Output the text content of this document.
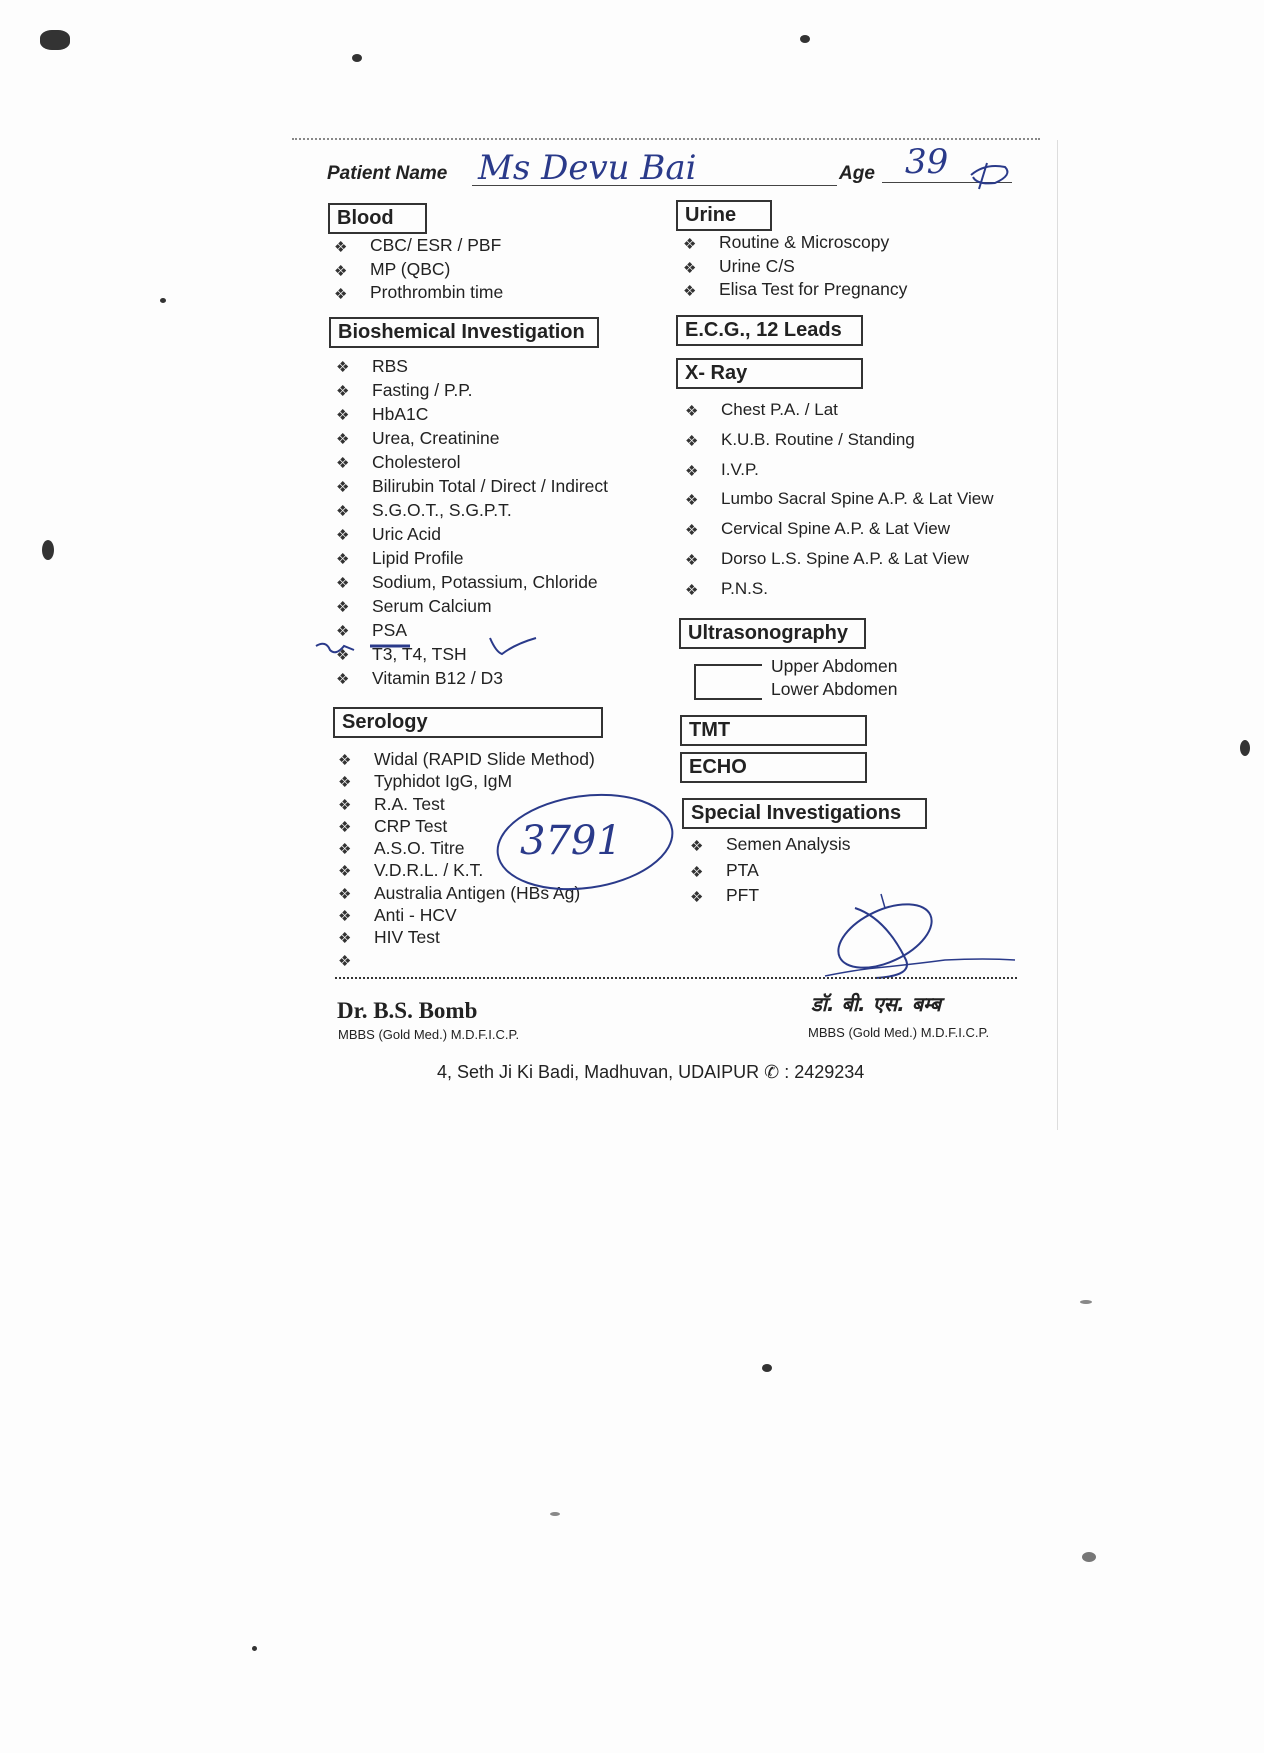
Patient Name Ms Devu Bai	Age 39
Blood
❖ CBC/ ESR / PBF
❖ MP (QBC)
❖ Prothrombin time
Bioshemical Investigation
❖ RBS
❖ Fasting / P.P.
❖ HbA1C
❖ Urea, Creatinine
❖ Cholesterol
❖ Bilirubin Total / Direct / Indirect
❖ S.G.O.T., S.G.P.T.
❖ Uric Acid
❖ Lipid Profile
❖ Sodium, Potassium, Chloride
❖ Serum Calcium
❖ PSA
❖ T3, T4, TSH
❖ Vitamin B12 / D3
Serology
❖ Widal (RAPID Slide Method)
❖ Typhidot IgG, IgM
❖ R.A. Test
❖ CRP Test
❖ A.S.O. Titre
❖ V.D.R.L. / K.T.
❖ Australia Antigen (HBs Ag)
❖ Anti - HCV
❖ HIV Test
3791
Urine
❖ Routine & Microscopy
❖ Urine C/S
❖ Elisa Test for Pregnancy
E.C.G., 12 Leads
X- Ray
❖ Chest P.A. / Lat
❖ K.U.B. Routine / Standing
❖ I.V.P.
❖ Lumbo Sacral Spine A.P. & Lat View
❖ Cervical Spine A.P. & Lat View
❖ Dorso L.S. Spine A.P. & Lat View
❖ P.N.S.
Ultrasonography
Upper Abdomen
Lower Abdomen
TMT
ECHO
Special Investigations
❖ Semen Analysis
❖ PTA
❖ PFT
Dr. B.S. Bomb
MBBS (Gold Med.) M.D.F.I.C.P.
डॉ. बी. एस. बम्ब
MBBS (Gold Med.) M.D.F.I.C.P.
4, Seth Ji Ki Badi, Madhuvan, UDAIPUR ✆ : 2429234
